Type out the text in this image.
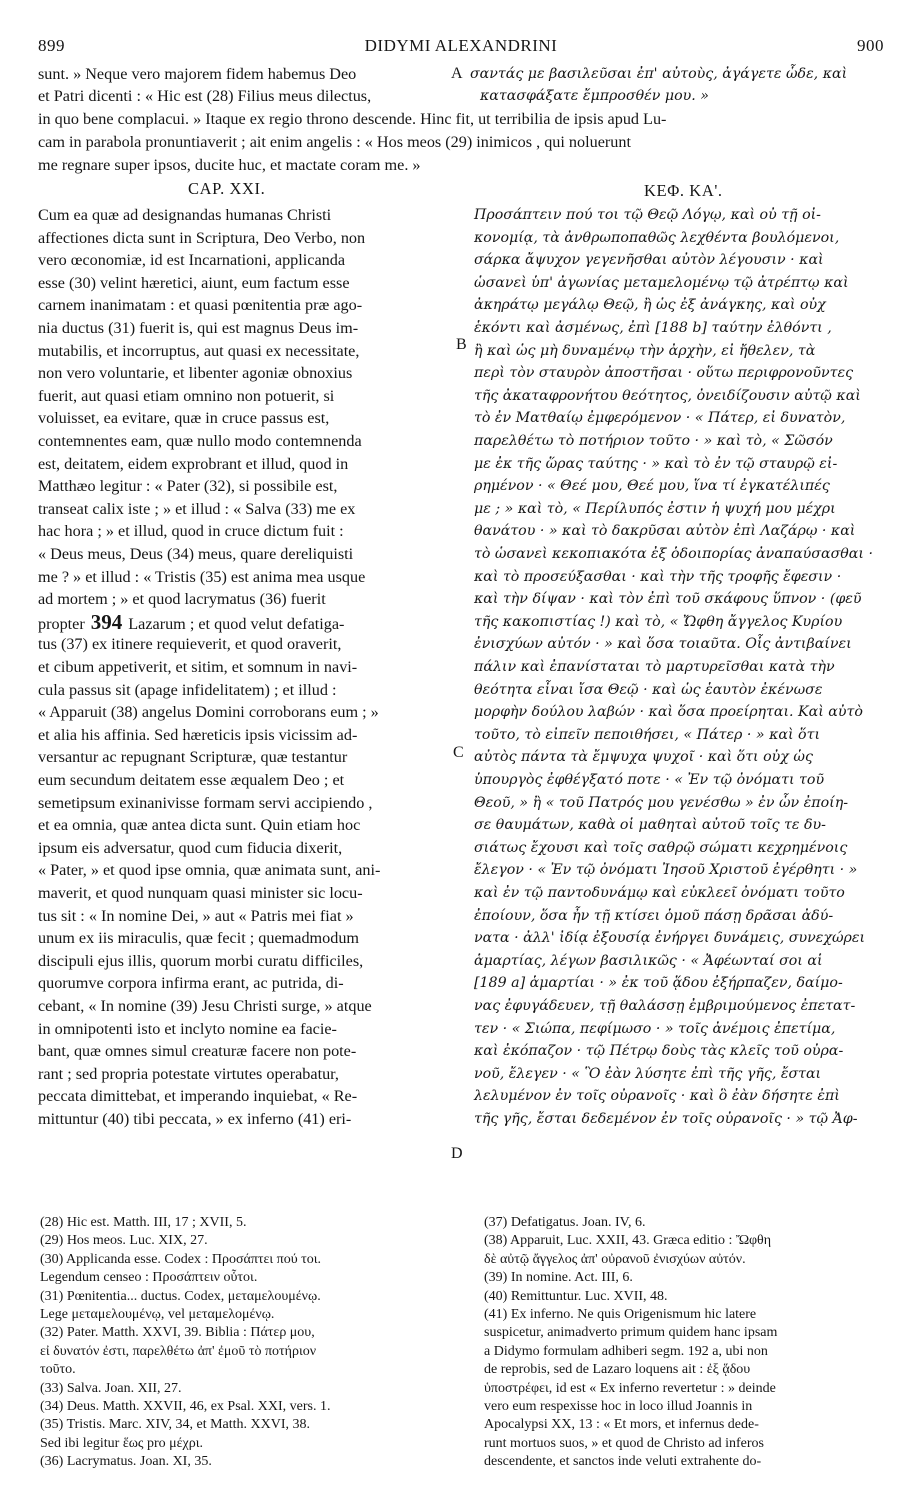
899	DIDYMI ALEXANDRINI	900
sunt. » Neque vero majorem fidem habemus Deo
et Patri dicenti : « Hic est (28) Filius meus dilectus,
A σαντάς με βασιλεῦσαι ἐπ' αὐτοὺς, ἀγάγετε ὧδε, καὶ
κατασφάξατε ἔμπροσθέν μου. »
in quo bene complacui. » Itaque ex regio throno descende. Hinc fit, ut terribilia de ipsis apud Lu-
cam in parabola pronuntiaverit ; ait enim angelis : « Hos meos (29) inimicos , qui noluerunt
me regnare super ipsos, ducite huc, et mactate coram me. »
CAP. XXI.	ΚΕΦ. ΚΑ'.
Cum ea quæ ad designandas humanas Christi
affectiones dicta sunt in Scriptura, Deo Verbo, non
vero œconomiæ, id est Incarnationi, applicanda
esse (30) velint hæretici, aiunt, eum factum esse
carnem inanimatam : et quasi pœnitentia præ ago-
nia ductus (31) fuerit is, qui est magnus Deus im-
mutabilis, et incorruptus, aut quasi ex necessitate,
non vero voluntarie, et libenter agoniæ obnoxius
fuerit, aut quasi etiam omnino non potuerit, si
voluisset, ea evitare, quæ in cruce passus est,
contemnentes eam, quæ nullo modo contemnenda
est, deitatem, eidem exprobrant et illud, quod in
Matthæo legitur : « Pater (32), si possibile est,
transeat calix iste ; » et illud : « Salva (33) me ex
hac hora ; » et illud, quod in cruce dictum fuit :
« Deus meus, Deus (34) meus, quare dereliquisti
me ? » et illud : « Tristis (35) est anima mea usque
ad mortem ; » et quod lacrymatus (36) fuerit
propter 394 Lazarum ; et quod velut defatiga-
tus (37) ex itinere requieverit, et quod oraverit,
et cibum appetiverit, et sitim, et somnum in navi-
cula passus sit (apage infidelitatem) ; et illud :
« Apparuit (38) angelus Domini corroborans eum ; »
et alia his affinia. Sed hæreticis ipsis vicissim ad-
versantur ac repugnant Scripturæ, quæ testantur
eum secundum deitatem esse æqualem Deo ; et
semetipsum exinanivisse formam servi accipiendo ,
et ea omnia, quæ antea dicta sunt. Quin etiam hoc
ipsum eis adversatur, quod cum fiducia dixerit,
« Pater, » et quod ipse omnia, quæ animata sunt, ani-
maverit, et quod nunquam quasi minister sic locu-
tus sit : « In nomine Dei, » aut « Patris mei fiat »
unum ex iis miraculis, quæ fecit ; quemadmodum
discipuli ejus illis, quorum morbi curatu difficiles,
quorumve corpora infirma erant, ac putrida, di-
cebant, « In nomine (39) Jesu Christi surge, » atque
in omnipotenti isto et inclyto nomine ea facie-
bant, quæ omnes simul creaturæ facere non pote-
rant ; sed propria potestate virtutes operabatur,
peccata dimittebat, et imperando inquiebat, « Re-
mittuntur (40) tibi peccata, » ex inferno (41) eri-
Προσάπτειν πού τοι τῷ Θεῷ Λόγῳ, καὶ οὐ τῇ οἰ-
κονομίᾳ, τὰ ἀνθρωποπαθῶς λεχθέντα βουλόμενοι,
σάρκα ἄψυχον γεγενῆσθαι αὐτὸν λέγουσιν · καὶ
ὡσανεὶ ὑπ' ἀγωνίας μεταμελομένῳ τῷ ἀτρέπτῳ καὶ
ἀκηράτῳ μεγάλῳ Θεῷ, ἢ ὡς ἐξ ἀνάγκης, καὶ οὐχ
ἑκόντι καὶ ἀσμένως, ἐπὶ [188 b] ταύτην ἐλθόντι ,
ἢ καὶ ὡς μὴ δυναμένῳ τὴν ἀρχὴν, εἰ ἤθελεν, τὰ
περὶ τὸν σταυρὸν ἀποστῆσαι · οὕτω περιφρονοῦντες
τῆς ἀκαταφρονήτου θεότητος, ὀνειδίζουσιν αὐτῷ καὶ
τὸ ἐν Ματθαίῳ ἐμφερόμενον · « Πάτερ, εἰ δυνατὸν,
παρελθέτω τὸ ποτήριον τοῦτο · » καὶ τὸ, « Σῶσόν
με ἐκ τῆς ὥρας ταύτης · » καὶ τὸ ἐν τῷ σταυρῷ εἰ-
ρημένον · « Θεέ μου, Θεέ μου, ἵνα τί ἐγκατέλιπές
με ; » καὶ τὸ, « Περίλυπός ἐστιν ἡ ψυχή μου μέχρι
θανάτου · » καὶ τὸ δακρῦσαι αὐτὸν ἐπὶ Λαζάρῳ · καὶ
τὸ ὡσανεὶ κεκοπιακότα ἐξ ὁδοιπορίας ἀναπαύσασθαι ·
καὶ τὸ προσεύξασθαι · καὶ τὴν τῆς τροφῆς ἔφεσιν ·
καὶ τὴν δίψαν · καὶ τὸν ἐπὶ τοῦ σκάφους ὕπνον · (φεῦ
τῆς κακοπιστίας !) καὶ τὸ, « Ὤφθη ἄγγελος Κυρίου
ἐνισχύων αὐτόν · » καὶ ὅσα τοιαῦτα. Οἷς ἀντιβαίνει
πάλιν καὶ ἐπανίσταται τὸ μαρτυρεῖσθαι κατὰ τὴν
θεότητα εἶναι ἴσα Θεῷ · καὶ ὡς ἑαυτὸν ἐκένωσε
μορφὴν δούλου λαβών · καὶ ὅσα προείρηται. Καὶ αὐτὸ
τοῦτο, τὸ εἰπεῖν πεποιθήσει, « Πάτερ · » καὶ ὅτι
αὐτὸς πάντα τὰ ἔμψυχα ψυχοῖ · καὶ ὅτι οὐχ ὡς
ὑπουργὸς ἐφθέγξατό ποτε · « Ἐν τῷ ὀνόματι τοῦ
Θεοῦ, » ἢ « τοῦ Πατρός μου γενέσθω » ἐν ὧν ἐποίη-
σε θαυμάτων, καθὰ οἱ μαθηταὶ αὐτοῦ τοῖς τε δυ-
σιάτως ἔχουσι καὶ τοῖς σαθρῷ σώματι κεχρημένοις
ἔλεγον · « Ἐν τῷ ὀνόματι Ἰησοῦ Χριστοῦ ἐγέρθητι · »
καὶ ἐν τῷ παντοδυνάμῳ καὶ εὐκλεεῖ ὀνόματι τοῦτο
ἐποίουν, ὅσα ἦν τῇ κτίσει ὁμοῦ πάσῃ δρᾶσαι ἀδύ-
νατα · ἀλλ' ἰδίᾳ ἐξουσίᾳ ἐνήργει δυνάμεις, συνεχώρει
ἁμαρτίας, λέγων βασιλικῶς · « Ἀφέωνταί σοι αἱ
[189 a] ἁμαρτίαι · » ἐκ τοῦ ᾅδου ἐξήρπαζεν, δαίμο-
νας ἐφυγάδευεν, τῇ θαλάσσῃ ἐμβριμούμενος ἐπετατ-
τεν · « Σιώπα, πεφίμωσο · » τοῖς ἀνέμοις ἐπετίμα,
καὶ ἐκόπαζον · τῷ Πέτρῳ δοὺς τὰς κλεῖς τοῦ οὐρα-
νοῦ, ἔλεγεν · « Ὃ ἐὰν λύσητε ἐπὶ τῆς γῆς, ἔσται
λελυμένον ἐν τοῖς οὐρανοῖς · καὶ ὃ ἐὰν δήσητε ἐπὶ
τῆς γῆς, ἔσται δεδεμένον ἐν τοῖς οὐρανοῖς · » τῷ Ἀφ-
B
C
D
(28) Hic est. Matth. III, 17 ; XVII, 5.
(29) Hos meos. Luc. XIX, 27.
(30) Applicanda esse. Codex : Προσάπτει πού τοι.
Legendum censeo : Προσάπτειν οὗτοι.
(31) Pœnitentia... ductus. Codex, μεταμελουμένῳ.
Lege μεταμελουμένῳ, vel μεταμελομένῳ.
(32) Pater. Matth. XXVI, 39. Biblia : Πάτερ μου,
εἰ δυνατόν ἐστι, παρελθέτω ἀπ' ἐμοῦ τὸ ποτήριον
τοῦτο.
(33) Salva. Joan. XII, 27.
(34) Deus. Matth. XXVII, 46, ex Psal. XXI, vers. 1.
(35) Tristis. Marc. XIV, 34, et Matth. XXVI, 38.
Sed ibi legitur ἕως pro μέχρι.
(36) Lacrymatus. Joan. XI, 35.
(37) Defatigatus. Joan. IV, 6.
(38) Apparuit, Luc. XXII, 43. Græca editio : Ὤφθη
δὲ αὐτῷ ἄγγελος ἀπ' οὐρανοῦ ἐνισχύων αὐτόν.
(39) In nomine. Act. III, 6.
(40) Remittuntur. Luc. XVII, 48.
(41) Ex inferno. Ne quis Origenismum hic latere
suspicetur, animadverto primum quidem hanc ipsam
a Didymo formulam adhiberi segm. 192 a, ubi non
de reprobis, sed de Lazaro loquens ait : ἐξ ᾅδου
ὑποστρέφει, id est « Ex inferno revertetur : » deinde
vero eum respexisse hoc in loco illud Joannis in
Apocalypsi XX, 13 : « Et mors, et infernus dede-
runt mortuos suos, » et quod de Christo ad inferos
descendente, et sanctos inde veluti extrahente do-
